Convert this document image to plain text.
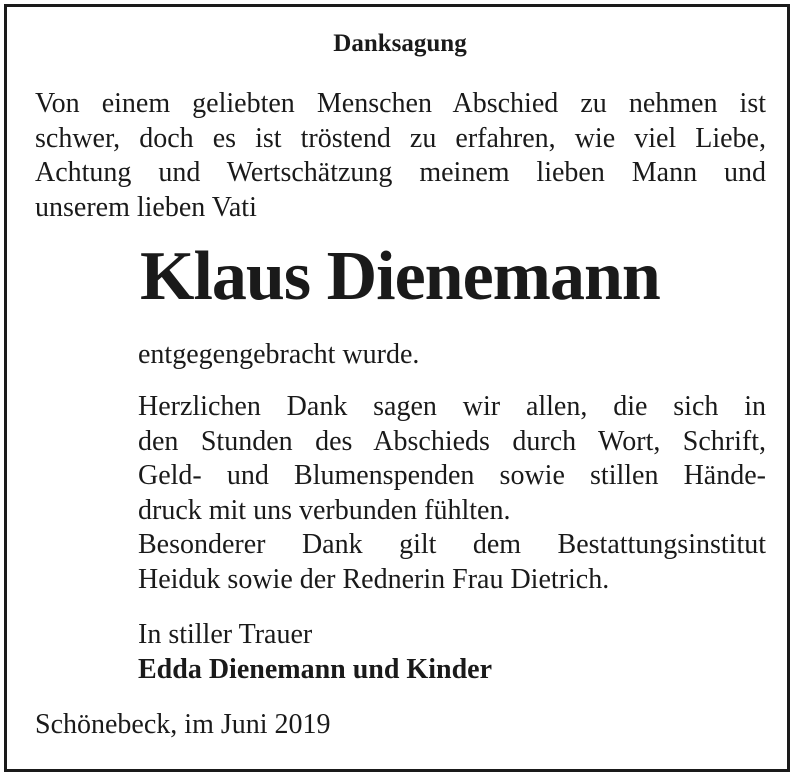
Danksagung
Von einem geliebten Menschen Abschied zu nehmen ist
schwer, doch es ist tröstend zu erfahren, wie viel Liebe,
Achtung und Wertschätzung meinem lieben Mann und
unserem lieben Vati
Klaus Dienemann
entgegengebracht wurde.
Herzlichen Dank sagen wir allen, die sich in
den Stunden des Abschieds durch Wort, Schrift,
Geld- und Blumenspenden sowie stillen Hände-
druck mit uns verbunden fühlten.
Besonderer Dank gilt dem Bestattungsinstitut
Heiduk sowie der Rednerin Frau Dietrich.
In stiller Trauer
Edda Dienemann und Kinder
Schönebeck, im Juni 2019
